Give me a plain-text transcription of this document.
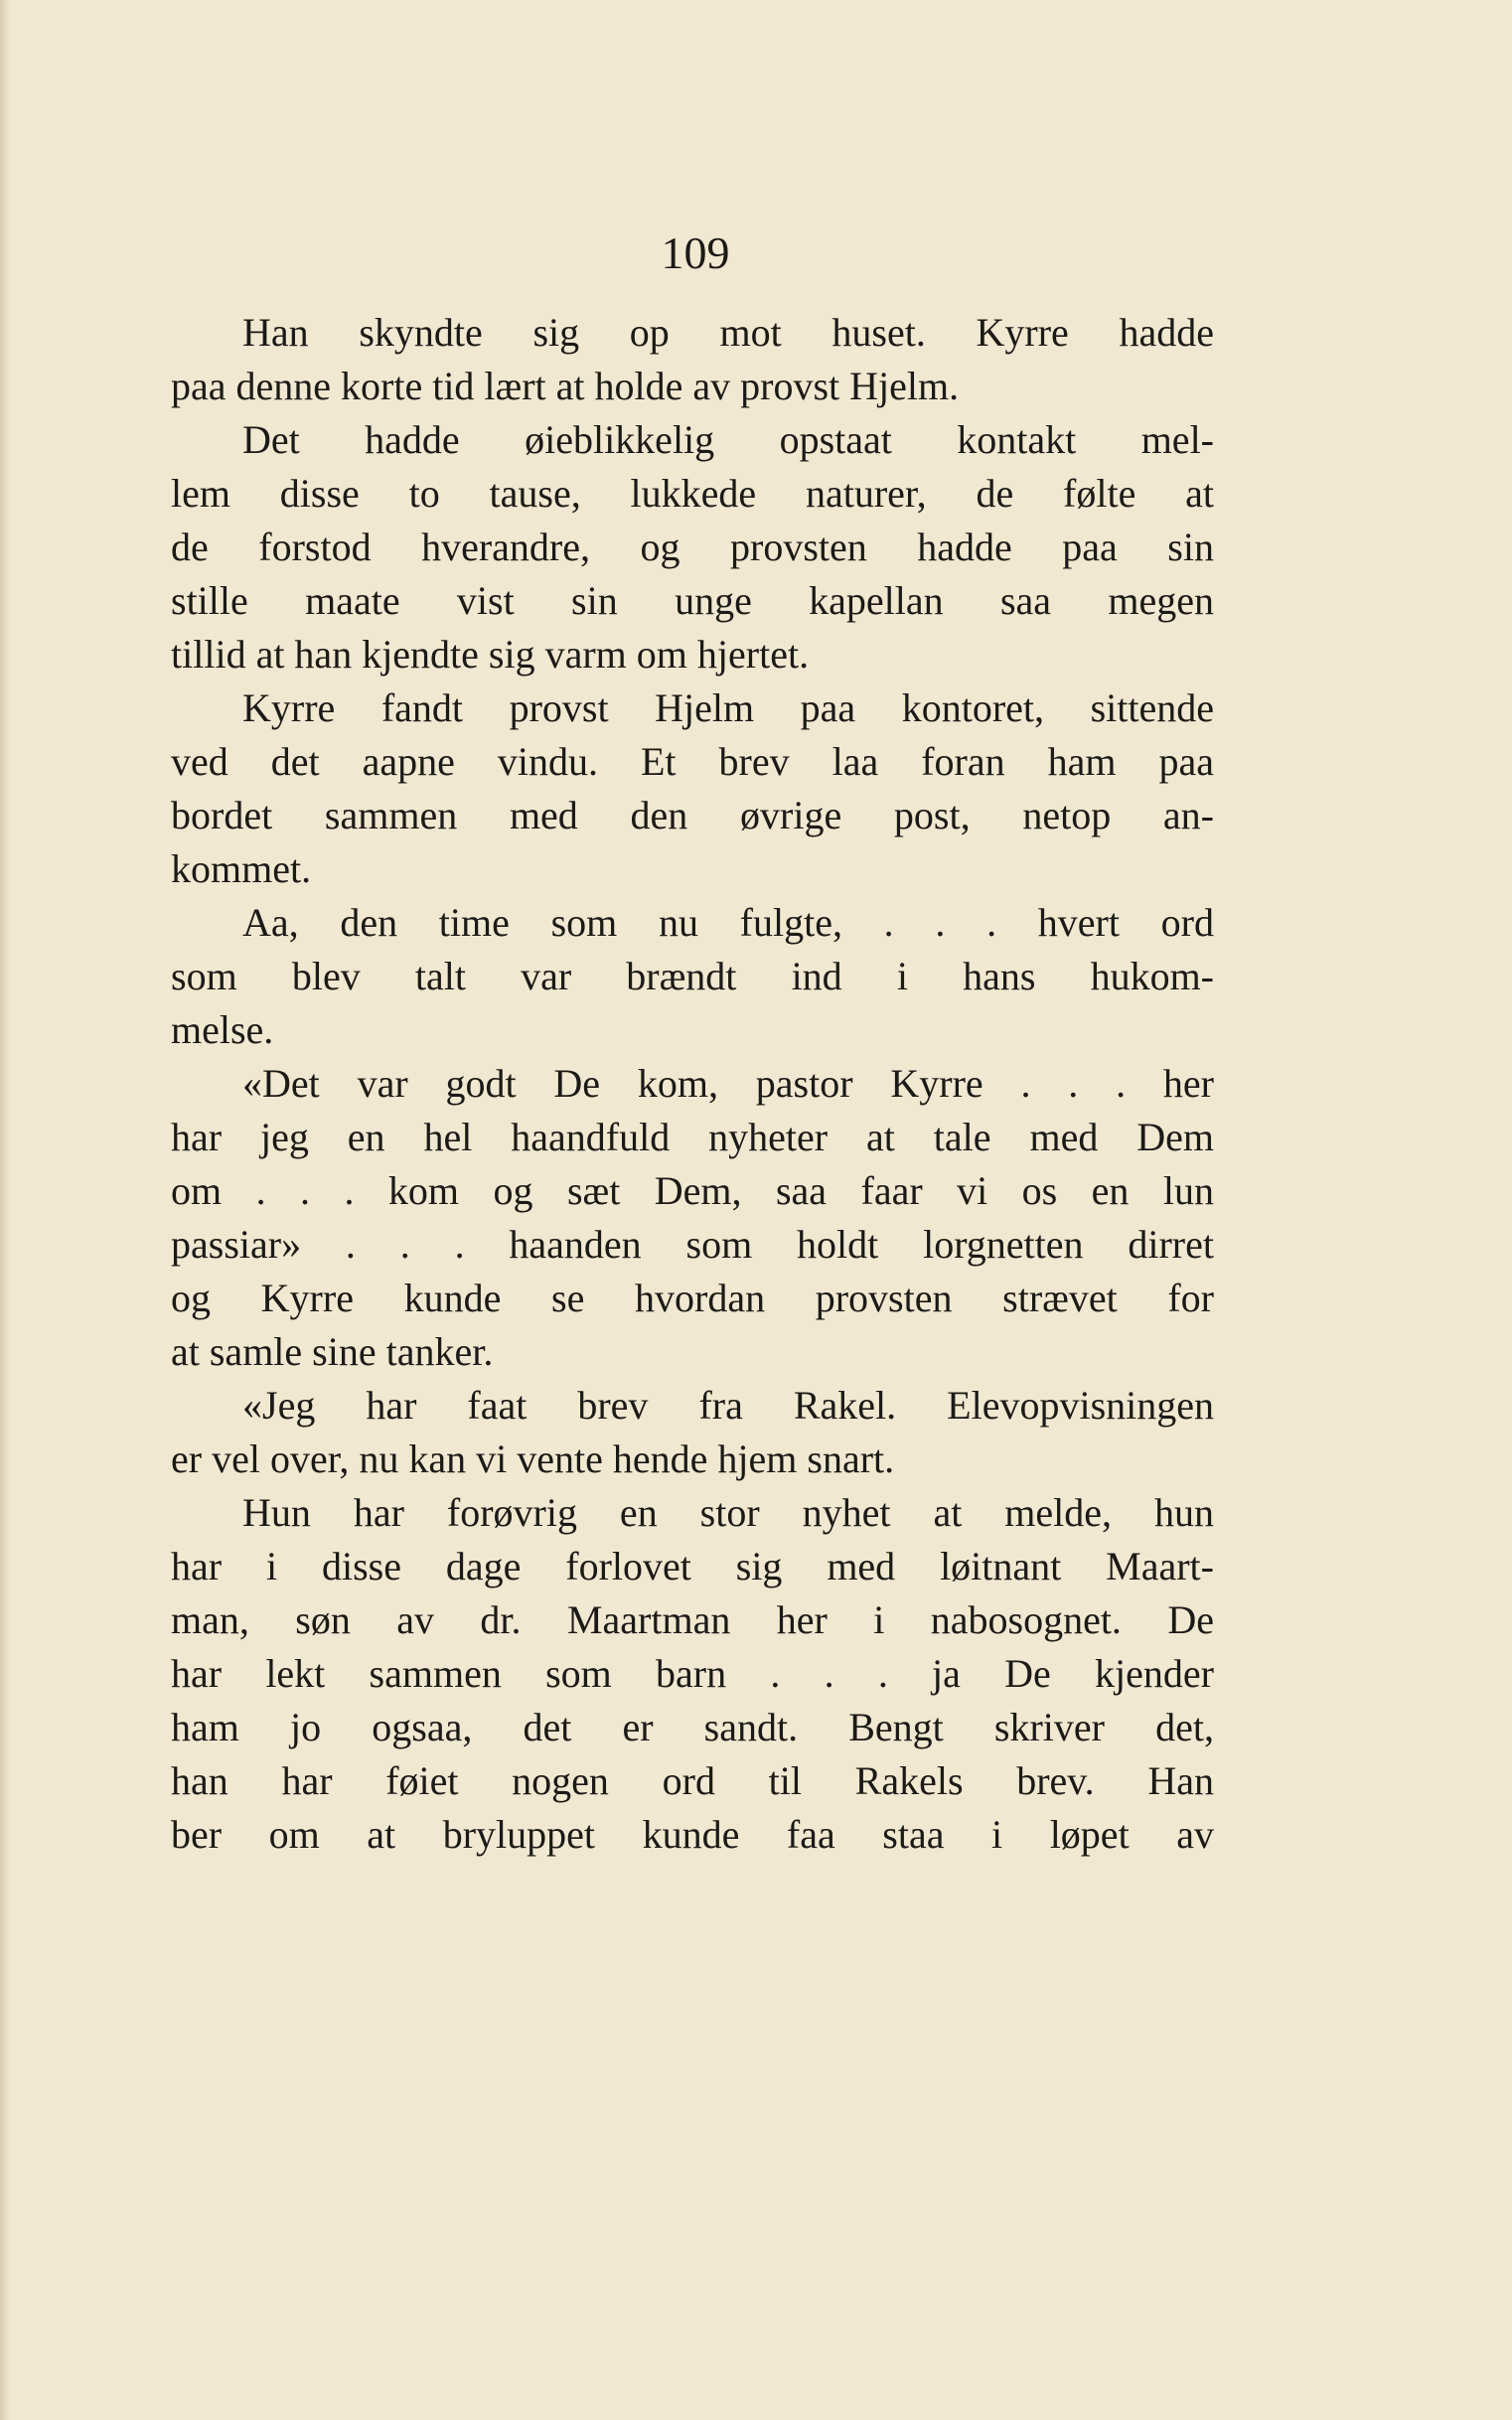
109
Han skyndte sig op mot huset. Kyrre hadde
paa denne korte tid lært at holde av provst Hjelm.
Det hadde øieblikkelig opstaat kontakt mel-
lem disse to tause, lukkede naturer, de følte at
de forstod hverandre, og provsten hadde paa sin
stille maate vist sin unge kapellan saa megen
tillid at han kjendte sig varm om hjertet.
Kyrre fandt provst Hjelm paa kontoret, sittende
ved det aapne vindu. Et brev laa foran ham paa
bordet sammen med den øvrige post, netop an-
kommet.
Aa, den time som nu fulgte, . . . hvert ord
som blev talt var brændt ind i hans hukom-
melse.
«Det var godt De kom, pastor Kyrre . . . her
har jeg en hel haandfuld nyheter at tale med Dem
om . . . kom og sæt Dem, saa faar vi os en lun
passiar» . . . haanden som holdt lorgnetten dirret
og Kyrre kunde se hvordan provsten strævet for
at samle sine tanker.
«Jeg har faat brev fra Rakel. Elevopvisningen
er vel over, nu kan vi vente hende hjem snart.
Hun har forøvrig en stor nyhet at melde, hun
har i disse dage forlovet sig med løitnant Maart-
man, søn av dr. Maartman her i nabosognet. De
har lekt sammen som barn . . . ja De kjender
ham jo ogsaa, det er sandt. Bengt skriver det,
han har føiet nogen ord til Rakels brev. Han
ber om at bryluppet kunde faa staa i løpet av
